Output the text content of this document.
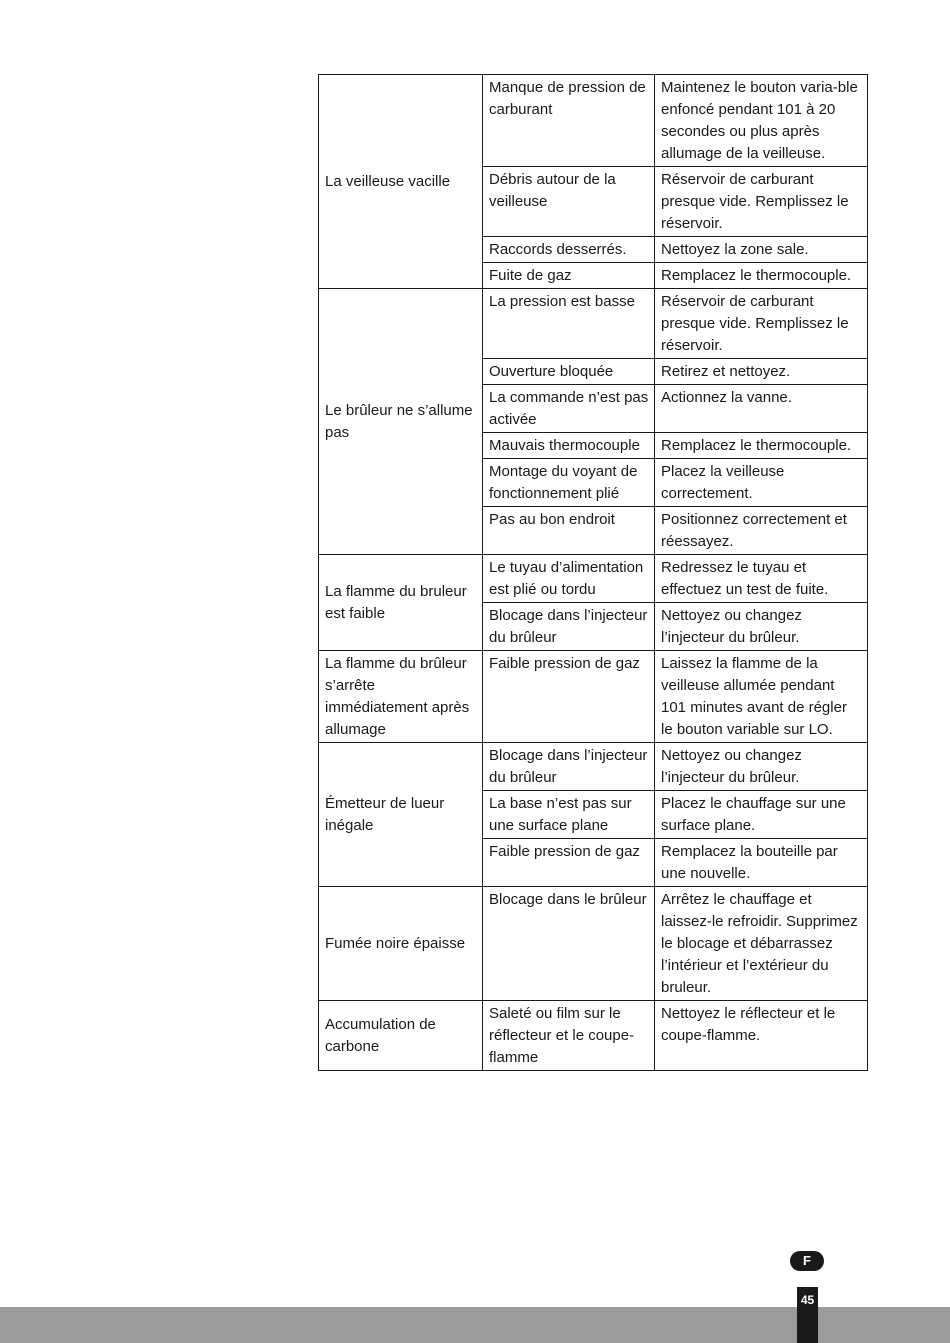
La veilleuse vacille	Manque de pression de carburant	Maintenez le bouton varia-ble enfoncé pendant 101 à 20 secondes ou plus après allumage de la veilleuse.
	Débris autour de la veilleuse	Réservoir de carburant presque vide. Remplissez le réservoir.
	Raccords desserrés.	Nettoyez la zone sale.
	Fuite de gaz	Remplacez le thermocouple.
Le brûleur ne s’allume pas	La pression est basse	Réservoir de carburant presque vide. Remplissez le réservoir.
	Ouverture bloquée	Retirez et nettoyez.
	La commande n’est pas activée	Actionnez la vanne.
	Mauvais thermocouple	Remplacez le thermocouple.
	Montage du voyant de fonctionnement plié	Placez la veilleuse correctement.
	Pas au bon endroit	Positionnez correctement et réessayez.
La flamme du bruleur est faible	Le tuyau d’alimentation est plié ou tordu	Redressez le tuyau et effectuez un test de fuite.
	Blocage dans l’injecteur du brûleur	Nettoyez ou changez l’injecteur du brûleur.
La flamme du brûleur s’arrête immédiatement après allumage	Faible pression de gaz	Laissez la flamme de la veilleuse allumée pendant 101 minutes avant de régler le bouton variable sur LO.
Émetteur de lueur inégale	Blocage dans l’injecteur du brûleur	Nettoyez ou changez l’injecteur du brûleur.
	La base n’est pas sur une surface plane	Placez le chauffage sur une surface plane.
	Faible pression de gaz	Remplacez la bouteille par une nouvelle.
Fumée noire épaisse	Blocage dans le brûleur	Arrêtez le chauffage et laissez-le refroidir. Supprimez le blocage et débarrassez l’intérieur et l’extérieur du bruleur.
Accumulation de carbone	Saleté ou film sur le réflecteur et le coupe-flamme	Nettoyez le réflecteur et le coupe-flamme.
F
45
